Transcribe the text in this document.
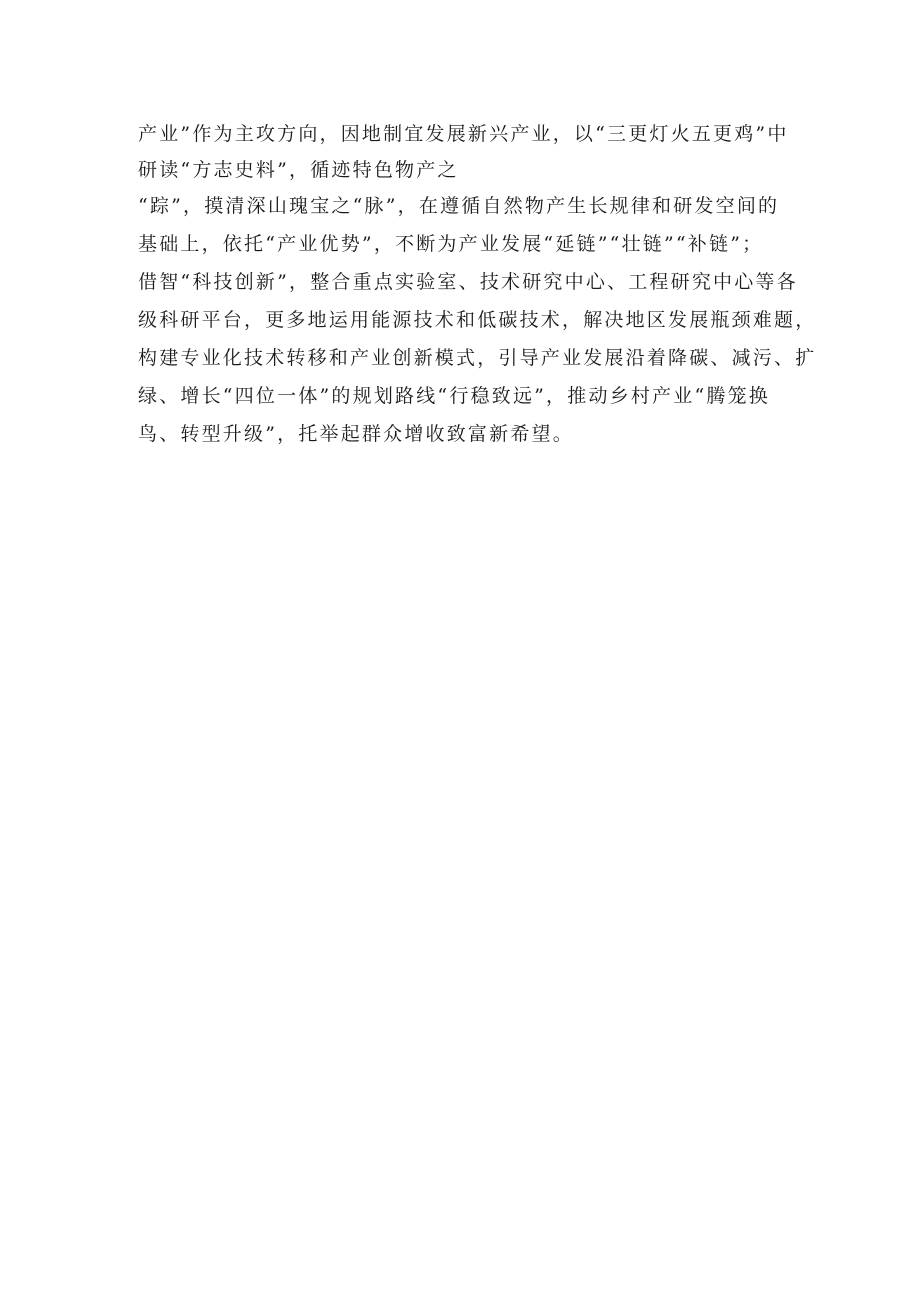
产业”作为主攻方向，因地制宜发展新兴产业，以“三更灯火五更鸡”中
研读“方志史料”，循迹特色物产之
“踪”，摸清深山瑰宝之“脉”，在遵循自然物产生长规律和研发空间的
基础上，依托“产业优势”，不断为产业发展“延链”“壮链”“补链”；
借智“科技创新”，整合重点实验室、技术研究中心、工程研究中心等各
级科研平台，更多地运用能源技术和低碳技术，解决地区发展瓶颈难题，
构建专业化技术转移和产业创新模式，引导产业发展沿着降碳、减污、扩
绿、增长“四位一体”的规划路线“行稳致远”，推动乡村产业“腾笼换
鸟、转型升级”，托举起群众增收致富新希望。
